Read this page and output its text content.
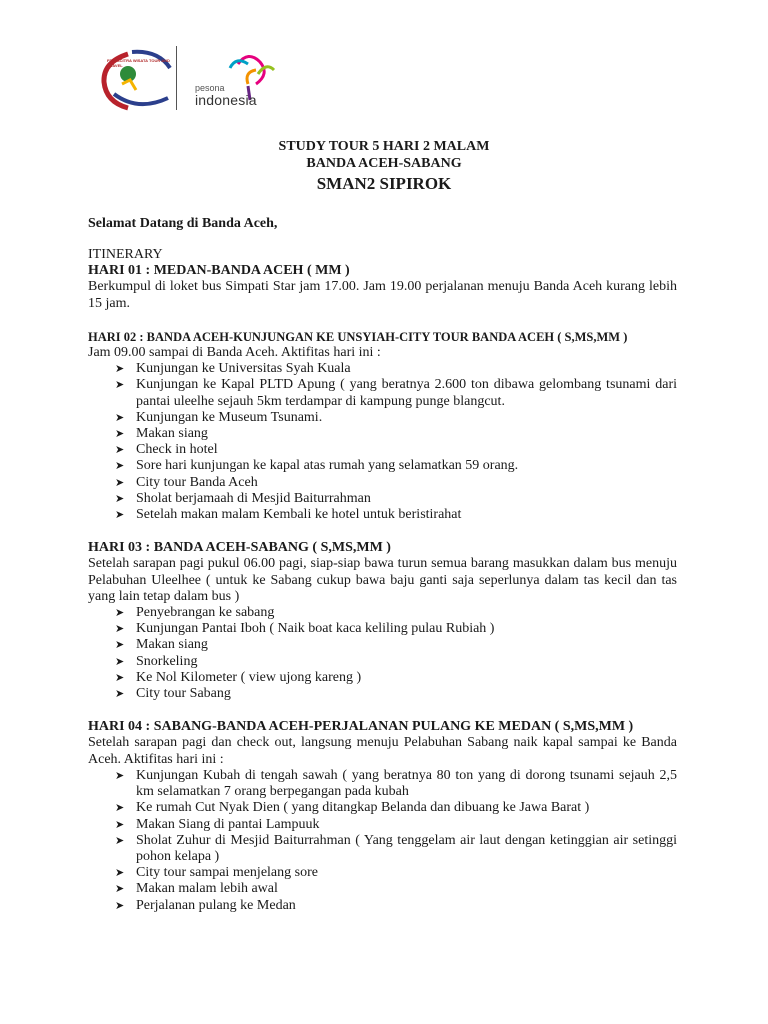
PT. NACITRA WISATA TOUR AND TRAVEL
pesona
indonesia
STUDY TOUR 5 HARI 2 MALAM
BANDA ACEH-SABANG
SMAN2 SIPIROK
Selamat Datang di Banda Aceh,
ITINERARY
HARI 01 : MEDAN-BANDA ACEH ( MM )

Berkumpul di loket bus Simpati Star jam 17.00. Jam 19.00 perjalanan menuju Banda Aceh kurang lebih 15 jam.

HARI 02 : BANDA ACEH-KUNJUNGAN KE UNSYIAH-CITY TOUR BANDA ACEH ( S,MS,MM )

Jam 09.00 sampai di Banda Aceh. Aktifitas hari ini :

➤ Kunjungan ke Universitas Syah Kuala
➤ Kunjungan ke Kapal PLTD Apung ( yang beratnya 2.600 ton dibawa gelombang tsunami dari pantai uleelhe sejauh 5km terdampar di kampung punge blangcut.
➤ Kunjungan ke Museum Tsunami.
➤ Makan siang
➤ Check in hotel
➤ Sore hari kunjungan ke kapal atas rumah yang selamatkan 59 orang.
➤ City tour Banda Aceh
➤ Sholat berjamaah di Mesjid Baiturrahman
➤ Setelah makan malam Kembali ke hotel untuk beristirahat
HARI 03 : BANDA ACEH-SABANG ( S,MS,MM )

Setelah sarapan pagi pukul 06.00 pagi, siap-siap bawa turun semua barang masukkan dalam bus menuju Pelabuhan Uleelhee ( untuk ke Sabang cukup bawa baju ganti saja seperlunya dalam tas kecil dan tas yang lain tetap dalam bus )

➤ Penyebrangan ke sabang
➤ Kunjungan Pantai Iboh ( Naik boat kaca keliling pulau Rubiah )
➤ Makan siang
➤ Snorkeling
➤ Ke Nol Kilometer ( view ujong kareng )
➤ City tour Sabang
HARI 04 : SABANG-BANDA ACEH-PERJALANAN PULANG KE MEDAN ( S,MS,MM )

Setelah sarapan pagi dan check out, langsung menuju Pelabuhan Sabang naik kapal sampai ke Banda Aceh. Aktifitas hari ini :

➤ Kunjungan Kubah di tengah sawah ( yang beratnya 80 ton yang di dorong tsunami sejauh 2,5 km selamatkan 7 orang berpegangan pada kubah
➤ Ke rumah Cut Nyak Dien ( yang ditangkap Belanda dan dibuang ke Jawa Barat )
➤ Makan Siang di pantai Lampuuk
➤ Sholat Zuhur di Mesjid Baiturrahman ( Yang tenggelam air laut dengan ketinggian air setinggi pohon kelapa )
➤ City tour sampai menjelang sore
➤ Makan malam lebih awal
➤ Perjalanan pulang ke Medan
